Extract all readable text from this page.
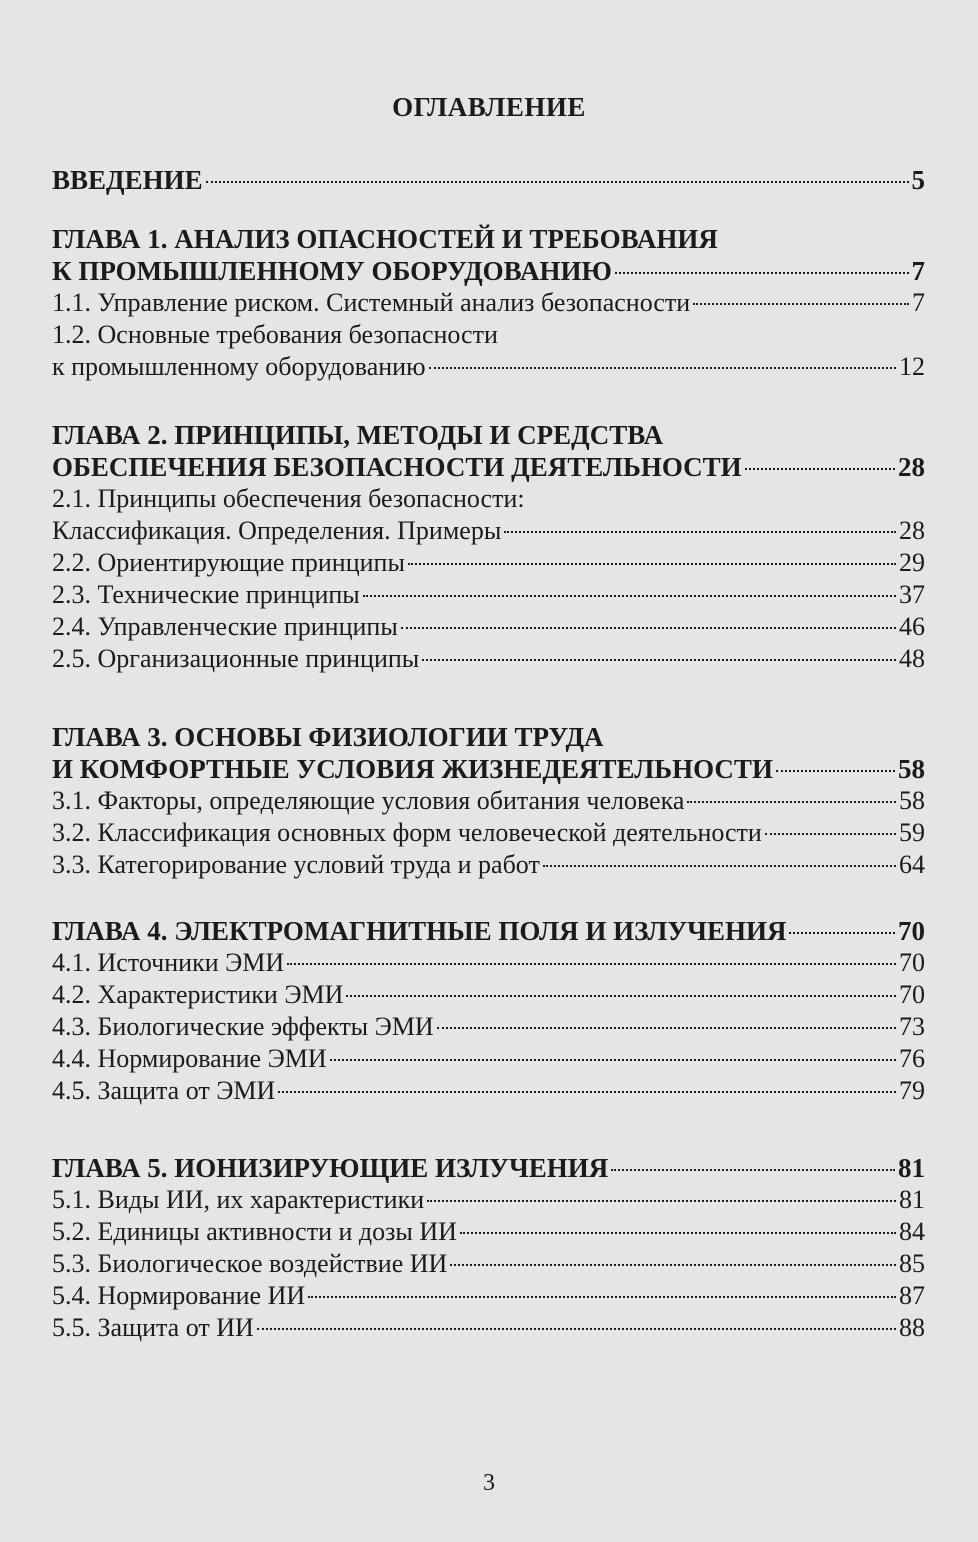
ОГЛАВЛЕНИЕ
ВВЕДЕНИЕ	5
ГЛАВА 1. АНАЛИЗ ОПАСНОСТЕЙ И ТРЕБОВАНИЯ
К ПРОМЫШЛЕННОМУ ОБОРУДОВАНИЮ	7
1.1. Управление риском. Системный анализ безопасности	7
1.2. Основные требования безопасности
к промышленному оборудованию	12
ГЛАВА 2. ПРИНЦИПЫ, МЕТОДЫ И СРЕДСТВА
ОБЕСПЕЧЕНИЯ БЕЗОПАСНОСТИ ДЕЯТЕЛЬНОСТИ	28
2.1. Принципы обеспечения безопасности:
Классификация. Определения. Примеры	28
2.2. Ориентирующие принципы	29
2.3. Технические принципы	37
2.4. Управленческие принципы	46
2.5. Организационные принципы	48
ГЛАВА 3. ОСНОВЫ ФИЗИОЛОГИИ ТРУДА
И КОМФОРТНЫЕ УСЛОВИЯ ЖИЗНЕДЕЯТЕЛЬНОСТИ	58
3.1. Факторы, определяющие условия обитания человека	58
3.2. Классификация основных форм человеческой деятельности	59
3.3. Категорирование условий труда и работ	64
ГЛАВА 4. ЭЛЕКТРОМАГНИТНЫЕ ПОЛЯ И ИЗЛУЧЕНИЯ	70
4.1. Источники ЭМИ	70
4.2. Характеристики ЭМИ	70
4.3. Биологические эффекты ЭМИ	73
4.4. Нормирование ЭМИ	76
4.5. Защита от ЭМИ	79
ГЛАВА 5. ИОНИЗИРУЮЩИЕ ИЗЛУЧЕНИЯ	81
5.1. Виды ИИ, их характеристики	81
5.2. Единицы активности и дозы ИИ	84
5.3. Биологическое воздействие ИИ	85
5.4. Нормирование ИИ	87
5.5. Защита от ИИ	88
3
